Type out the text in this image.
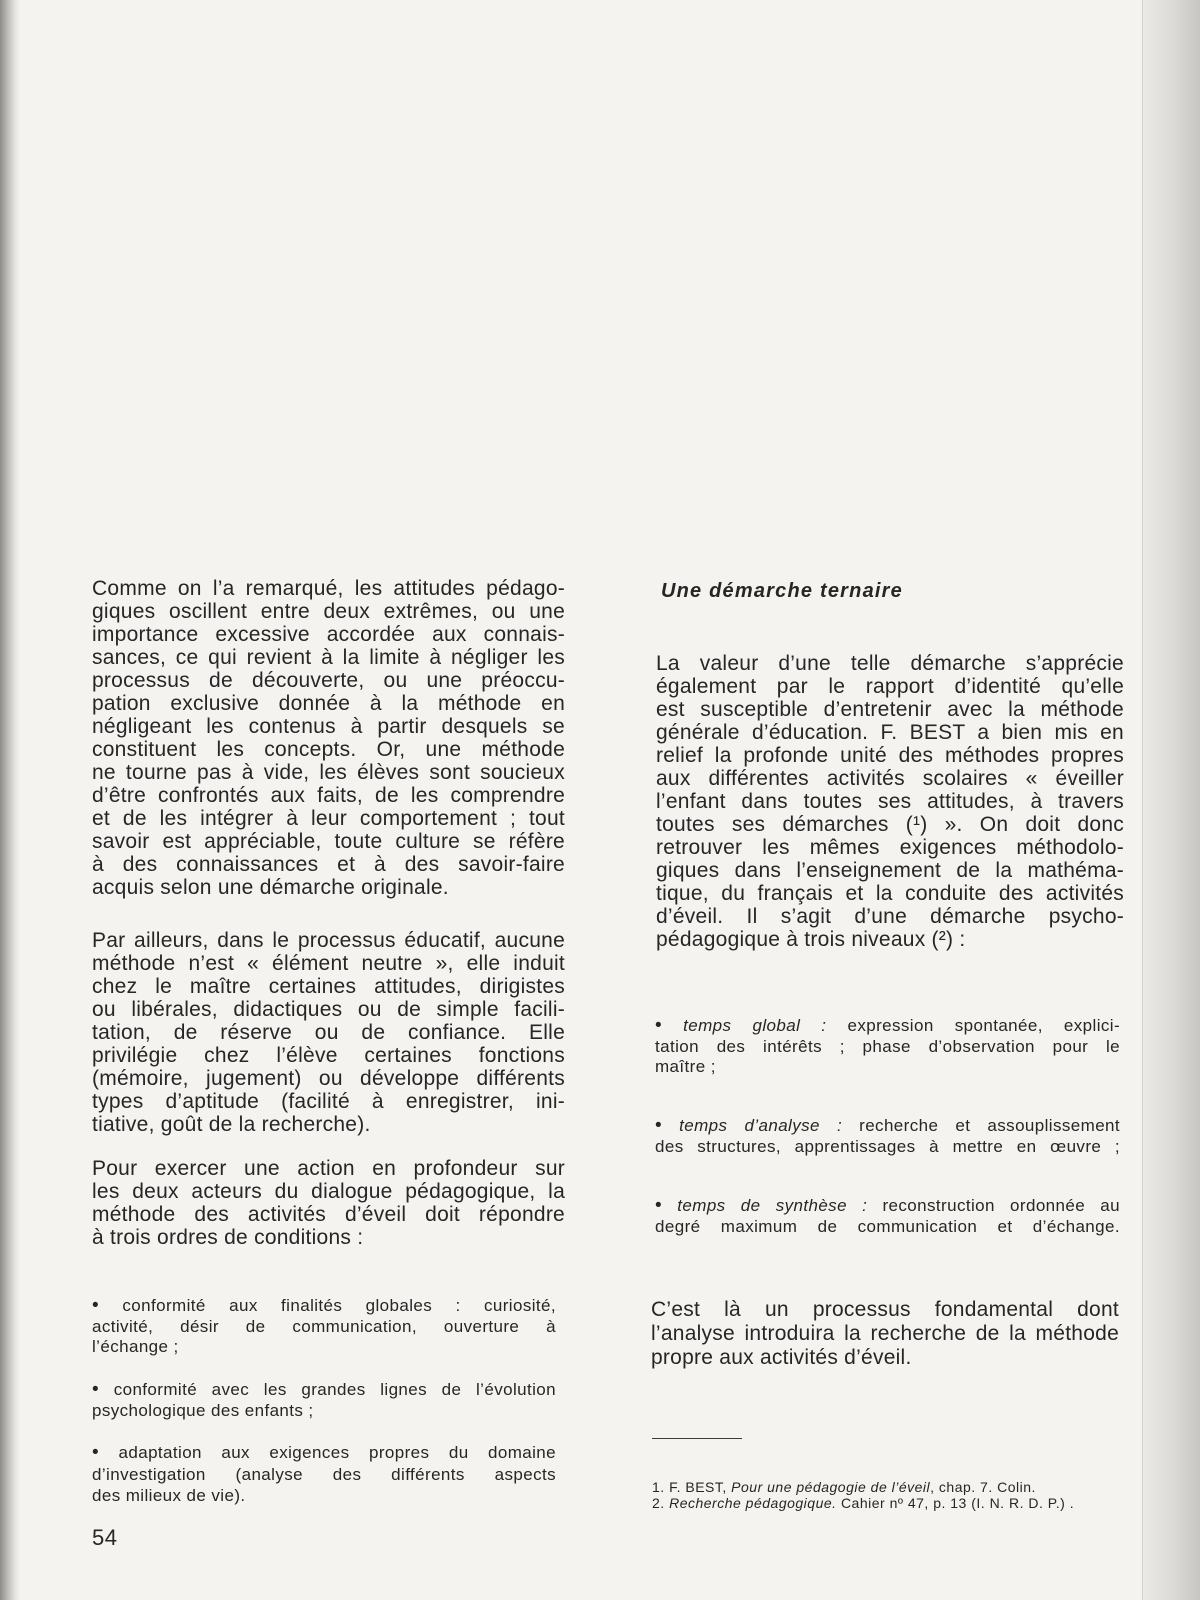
Comme on l’a remarqué, les attitudes pédago-
giques oscillent entre deux extrêmes, ou une
importance excessive accordée aux connais-
sances, ce qui revient à la limite à négliger les
processus de découverte, ou une préoccu-
pation exclusive donnée à la méthode en
négligeant les contenus à partir desquels se
constituent les concepts. Or, une méthode
ne tourne pas à vide, les élèves sont soucieux
d’être confrontés aux faits, de les comprendre
et de les intégrer à leur comportement ; tout
savoir est appréciable, toute culture se réfère
à des connaissances et à des savoir-faire
acquis selon une démarche originale.
Par ailleurs, dans le processus éducatif, aucune
méthode n’est « élément neutre », elle induit
chez le maître certaines attitudes, dirigistes
ou libérales, didactiques ou de simple facili-
tation, de réserve ou de confiance. Elle
privilégie chez l’élève certaines fonctions
(mémoire, jugement) ou développe différents
types d’aptitude (facilité à enregistrer, ini-
tiative, goût de la recherche).
Pour exercer une action en profondeur sur
les deux acteurs du dialogue pédagogique, la
méthode des activités d’éveil doit répondre
à trois ordres de conditions :
• conformité aux finalités globales : curiosité,
activité, désir de communication, ouverture à
l’échange ;
• conformité avec les grandes lignes de l’évolution
psychologique des enfants ;
• adaptation aux exigences propres du domaine
d’investigation (analyse des différents aspects
des milieux de vie).
54
Une démarche ternaire
La valeur d’une telle démarche s’apprécie
également par le rapport d’identité qu’elle
est susceptible d’entretenir avec la méthode
générale d’éducation. F. BEST a bien mis en
relief la profonde unité des méthodes propres
aux différentes activités scolaires « éveiller
l’enfant dans toutes ses attitudes, à travers
toutes ses démarches (¹) ». On doit donc
retrouver les mêmes exigences méthodolo-
giques dans l’enseignement de la mathéma-
tique, du français et la conduite des activités
d’éveil. Il s’agit d’une démarche psycho-
pédagogique à trois niveaux (²) :
• temps global : expression spontanée, explici-
tation des intérêts ; phase d’observation pour le
maître ;
• temps d’analyse : recherche et assouplissement
des structures, apprentissages à mettre en œuvre ;
• temps de synthèse : reconstruction ordonnée au
degré maximum de communication et d’échange.
C’est là un processus fondamental dont
l’analyse introduira la recherche de la méthode
propre aux activités d’éveil.
1. F. BEST, Pour une pédagogie de l’éveil, chap. 7. Colin.
2. Recherche pédagogique. Cahier nº 47, p. 13 (I. N. R. D. P.) .
